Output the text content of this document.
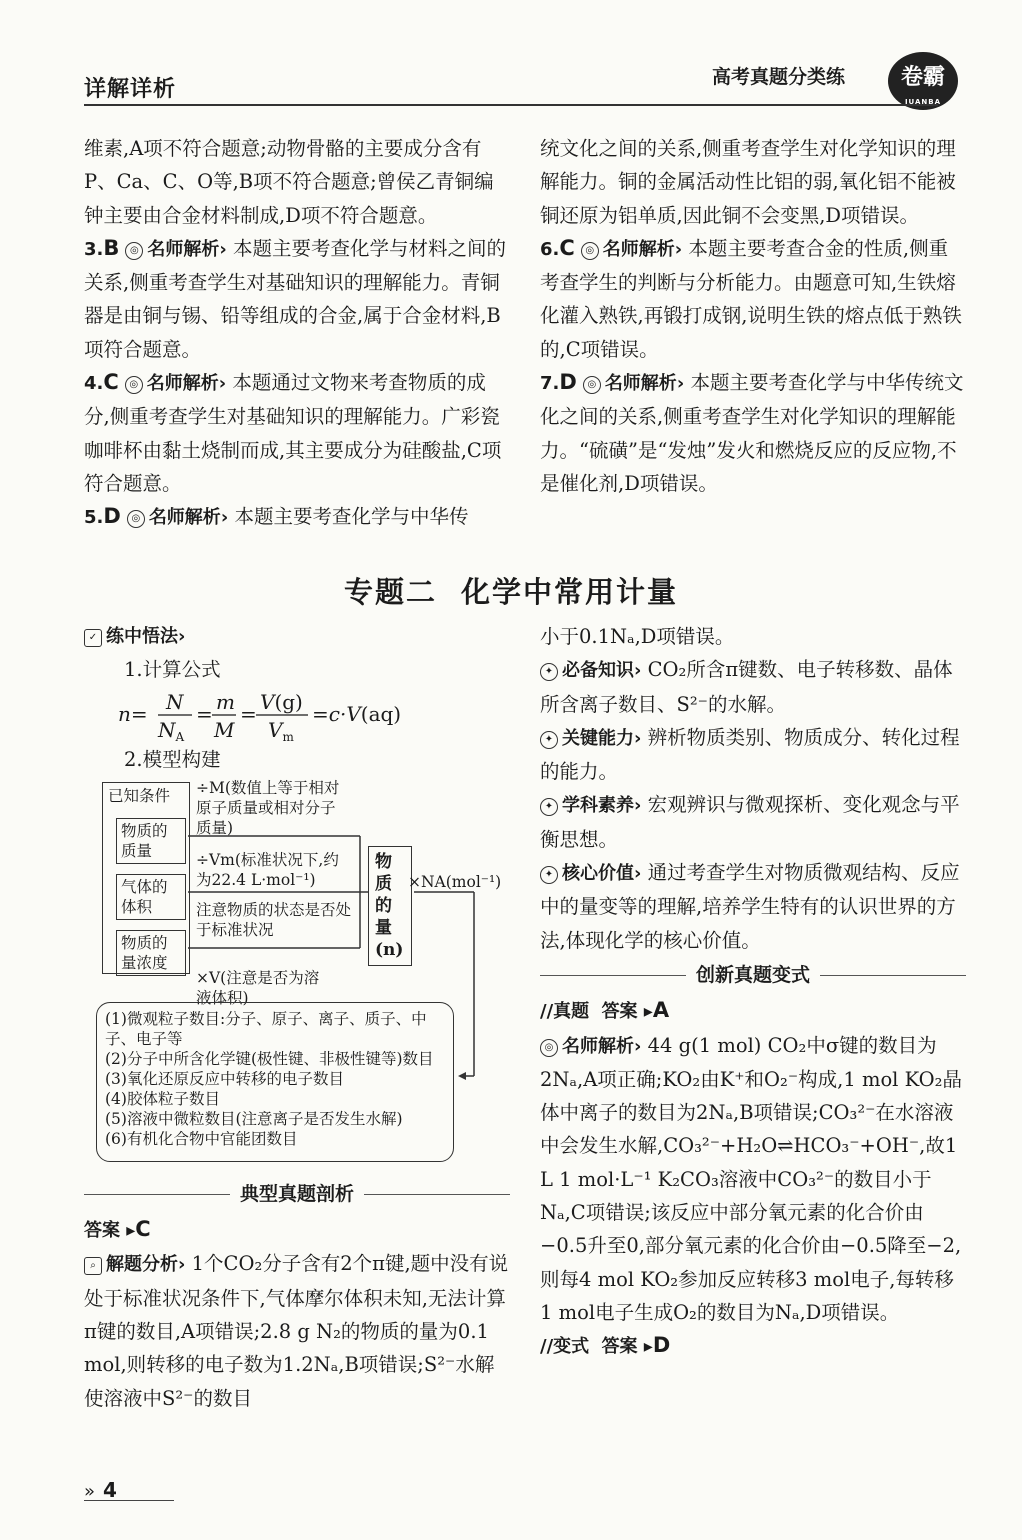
详解详析	高考真题分类练	卷霸
JUANBA

维素,A项不符合题意;动物骨骼的主要成分含有P、Ca、C、O等,B项不符合题意;曾侯乙青铜编钟主要由合金材料制成,D项不符合题意。

3.B ◎ 名师解析› 本题主要考查化学与材料之间的关系,侧重考查学生对基础知识的理解能力。青铜器是由铜与锡、铅等组成的合金,属于合金材料,B项符合题意。

4.C ◎ 名师解析› 本题通过文物来考查物质的成分,侧重考查学生对基础知识的理解能力。广彩瓷咖啡杯由黏土烧制而成,其主要成分为硅酸盐,C项符合题意。

5.D ◎ 名师解析› 本题主要考查化学与中华传

统文化之间的关系,侧重考查学生对化学知识的理解能力。铜的金属活动性比铝的弱,氧化铝不能被铜还原为铝单质,因此铜不会变黑,D项错误。

6.C ◎ 名师解析› 本题主要考查合金的性质,侧重考查学生的判断与分析能力。由题意可知,生铁熔化灌入熟铁,再锻打成钢,说明生铁的熔点低于熟铁的,C项错误。

7.D ◎ 名师解析› 本题主要考查化学与中华传统文化之间的关系,侧重考查学生对化学知识的理解能力。“硫磺”是“发烛”发火和燃烧反应的反应物,不是催化剂,D项错误。

专题二 化学中常用计量

✓ 练中悟法›

1.计算公式

n= N
$N_A$
= m
M
= V(g)
$V_m$
=c·V(aq)

2.模型构建

已知条件
物质的质量
气体的体积
物质的量浓度
÷M(数值上等于相对原子质量或相对分子质量)
÷Vm(标准状况下,约为22.4 L·mol⁻¹)
注意物质的状态是否处于标准状况
×V(注意是否为溶液体积)
物质的量(n)
×NA(mol⁻¹)
(1)微观粒子数目:分子、原子、离子、质子、中子、电子等
(2)分子中所含化学键(极性键、非极性键等)数目
(3)氧化还原反应中转移的电子数目
(4)胶体粒子数目
(5)溶液中微粒数目(注意离子是否发生水解)
(6)有机化合物中官能团数目
典型真题剖析

答案 ▸C

⌕ 解题分析› 1个CO₂分子含有2个π键,题中没有说处于标准状况条件下,气体摩尔体积未知,无法计算π键的数目,A项错误;2.8 g N₂的物质的量为0.1 mol,则转移的电子数为1.2Nₐ,B项错误;S²⁻水解使溶液中S²⁻的数目

小于0.1Nₐ,D项错误。

✦ 必备知识› CO₂所含π键数、电子转移数、晶体所含离子数目、S²⁻的水解。

✦ 关键能力› 辨析物质类别、物质成分、转化过程的能力。

✦ 学科素养› 宏观辨识与微观探析、变化观念与平衡思想。

✦ 核心价值› 通过考查学生对物质微观结构、反应中的量变等的理解,培养学生特有的认识世界的方法,体现化学的核心价值。

创新真题变式

//真题 答案 ▸A

◎ 名师解析› 44 g(1 mol) CO₂中σ键的数目为2Nₐ,A项正确;KO₂由K⁺和O₂⁻构成,1 mol KO₂晶体中离子的数目为2Nₐ,B项错误;CO₃²⁻在水溶液中会发生水解,CO₃²⁻+H₂O⇌HCO₃⁻+OH⁻,故1 L 1 mol·L⁻¹ K₂CO₃溶液中CO₃²⁻的数目小于Nₐ,C项错误;该反应中部分氧元素的化合价由−0.5升至0,部分氧元素的化合价由−0.5降至−2,则每4 mol KO₂参加反应转移3 mol电子,每转移1 mol电子生成O₂的数目为Nₐ,D项错误。

//变式 答案 ▸D

» 4
